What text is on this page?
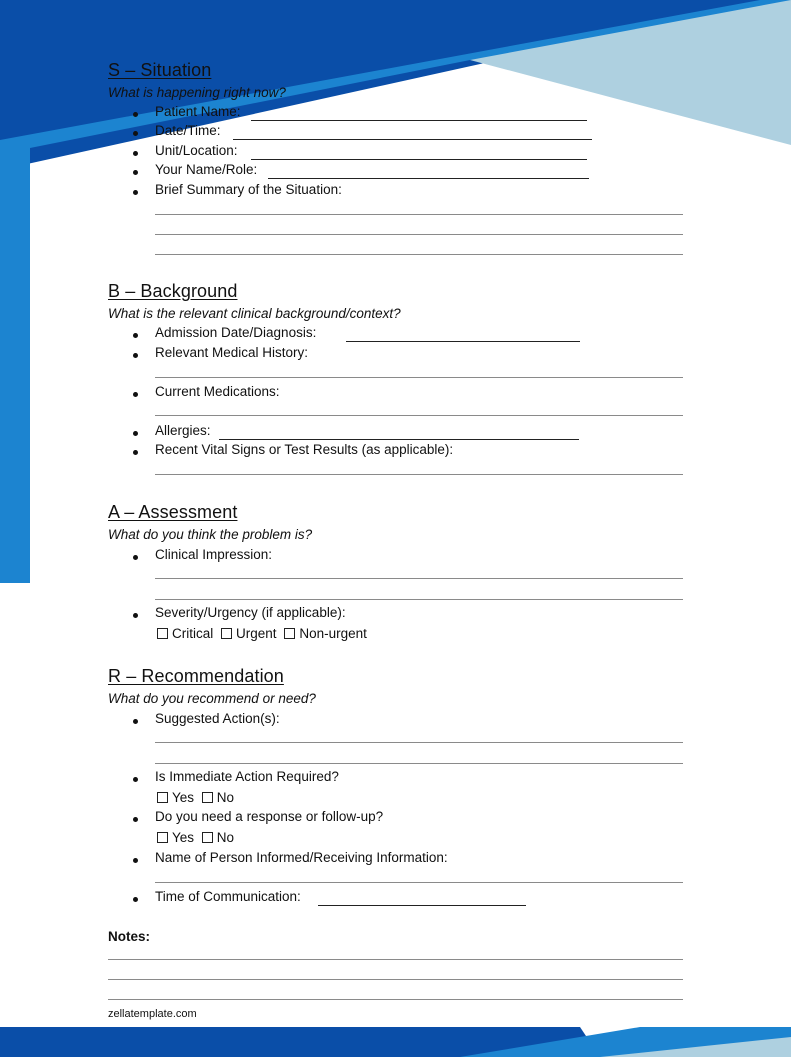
S – Situation
What is happening right now?
Patient Name:
Date/Time:
Unit/Location:
Your Name/Role:
Brief Summary of the Situation:
B – Background
What is the relevant clinical background/context?
Admission Date/Diagnosis:
Relevant Medical History:
Current Medications:
Allergies:
Recent Vital Signs or Test Results (as applicable):
A – Assessment
What do you think the problem is?
Clinical Impression:
Severity/Urgency (if applicable):
Critical Urgent Non-urgent
R – Recommendation
What do you recommend or need?
Suggested Action(s):
Is Immediate Action Required?
Yes No
Do you need a response or follow-up?
Yes No
Name of Person Informed/Receiving Information:
Time of Communication:
Notes:
zellatemplate.com
